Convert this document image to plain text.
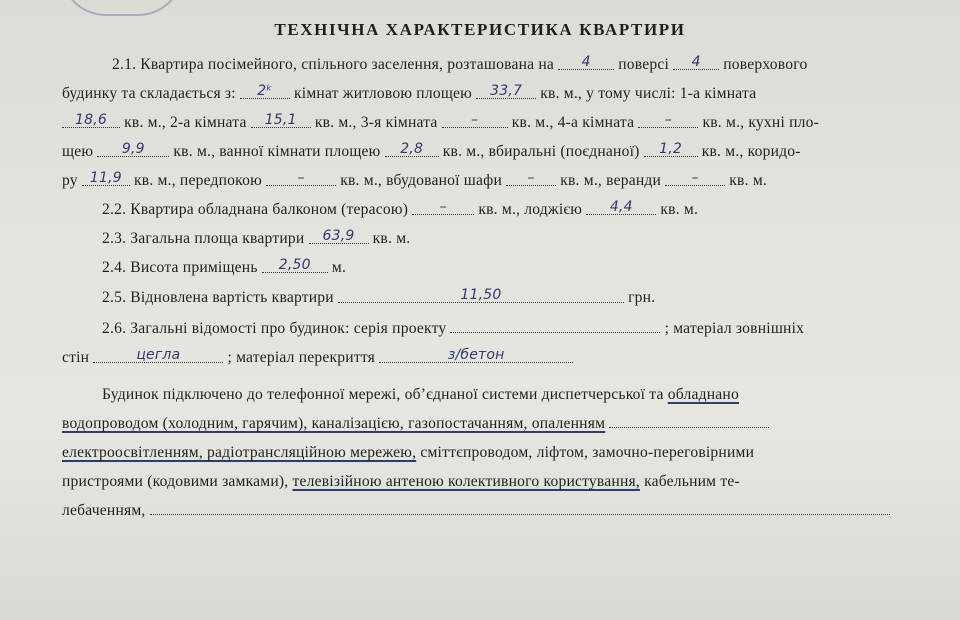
ТЕХНІЧНА ХАРАКТЕРИСТИКА КВАРТИРИ
2.1. Квартира посімейного, спільного заселення, розташована на 4 поверсі 4 поверхового
будинку та складається з: 2ᵏ кімнат житловою площею 33,7 кв. м., у тому числі: 1-а кімната
18,6 кв. м., 2-а кімната 15,1 кв. м., 3-я кімната – кв. м., 4-а кімната – кв. м., кухні пло-
щею 9,9 кв. м., ванної кімнати площею 2,8 кв. м., вбиральні (поєднаної) 1,2 кв. м., коридо-
ру 11,9 кв. м., передпокою	– кв. м., вбудованої шафи – кв. м., веранди – кв. м.
2.2. Квартира обладнана балконом (терасою) – кв. м., лоджією 4,4 кв. м.
2.3. Загальна площа квартири 63,9 кв. м.
2.4. Висота приміщень 2,50 м.
2.5. Відновлена вартість квартири	11,50	грн.
2.6. Загальні відомості про будинок: серія проекту	; матеріал зовнішніх
стін	цегла	; матеріал перекриття	з/бетон
Будинок підключено до телефонної мережі, об’єднаної системи диспетчерської та обладнано
водопроводом (холодним, гарячим), каналізацією, газопостачанням, опаленням
електроосвітленням, радіотрансляційною мережею, сміттєпроводом, ліфтом, замочно-переговірними
пристроями (кодовими замками), телевізійною антеною колективного користування, кабельним те-
лебаченням,
